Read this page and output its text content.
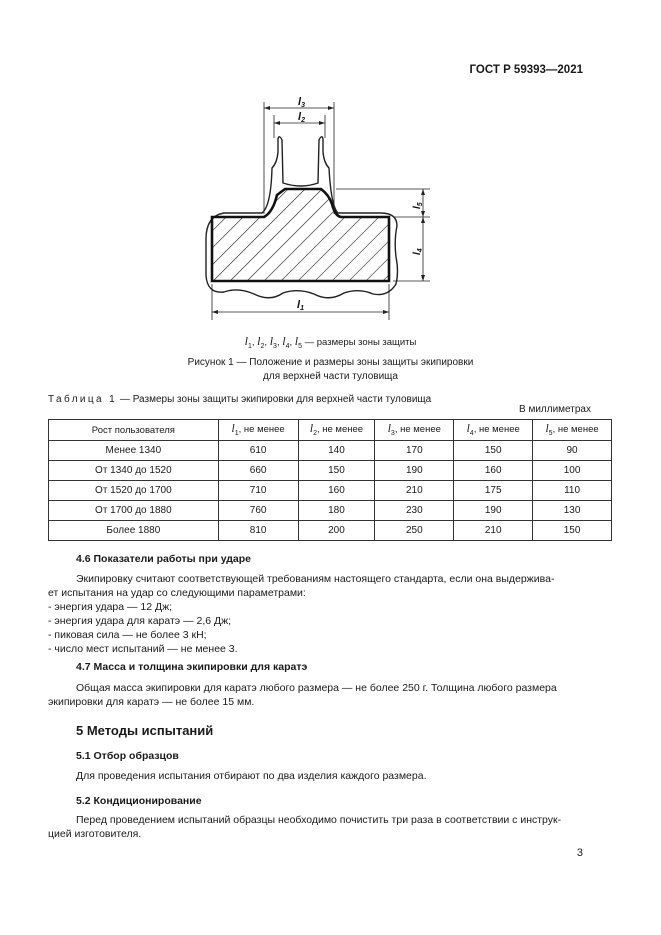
ГОСТ Р 59393—2021
l3
l2
$l_5$
$l_4$
l1
$l_1$, $l_2$, $l_3$, $l_4$, $l_5$ — размеры зоны защиты
Рисунок 1 — Положение и размеры зоны защиты экипировки
для верхней части туловища
Таблица 1 — Размеры зоны защиты экипировки для верхней части туловища
В миллиметрах
Рост пользователя	$l_1$, не менее	$l_2$, не менее	$l_3$, не менее	$l_4$, не менее	$l_5$, не менее
Менее 1340	610	140	170	150	90
От 1340 до 1520	660	150	190	160	100
От 1520 до 1700	710	160	210	175	110
От 1700 до 1880	760	180	230	190	130
Более 1880	810	200	250	210	150
4.6 Показатели работы при ударе
Экипировку считают соответствующей требованиям настоящего стандарта, если она выдерживa-
ет испытания на удар со следующими параметрами:
- энергия удара — 12 Дж;
- энергия удара для каратэ — 2,6 Дж;
- пиковая сила — не более 3 кН;
- число мест испытаний — не менее 3.
4.7 Масса и толщина экипировки для каратэ
Общая масса экипировки для каратэ любого размера — не более 250 г. Толщина любого размера
экипировки для каратэ — не более 15 мм.
5 Методы испытаний
5.1 Отбор образцов
Для проведения испытания отбирают по два изделия каждого размера.
5.2 Кондиционирование
Перед проведением испытаний образцы необходимо почистить три раза в соответствии с инструк-
цией изготовителя.
3
